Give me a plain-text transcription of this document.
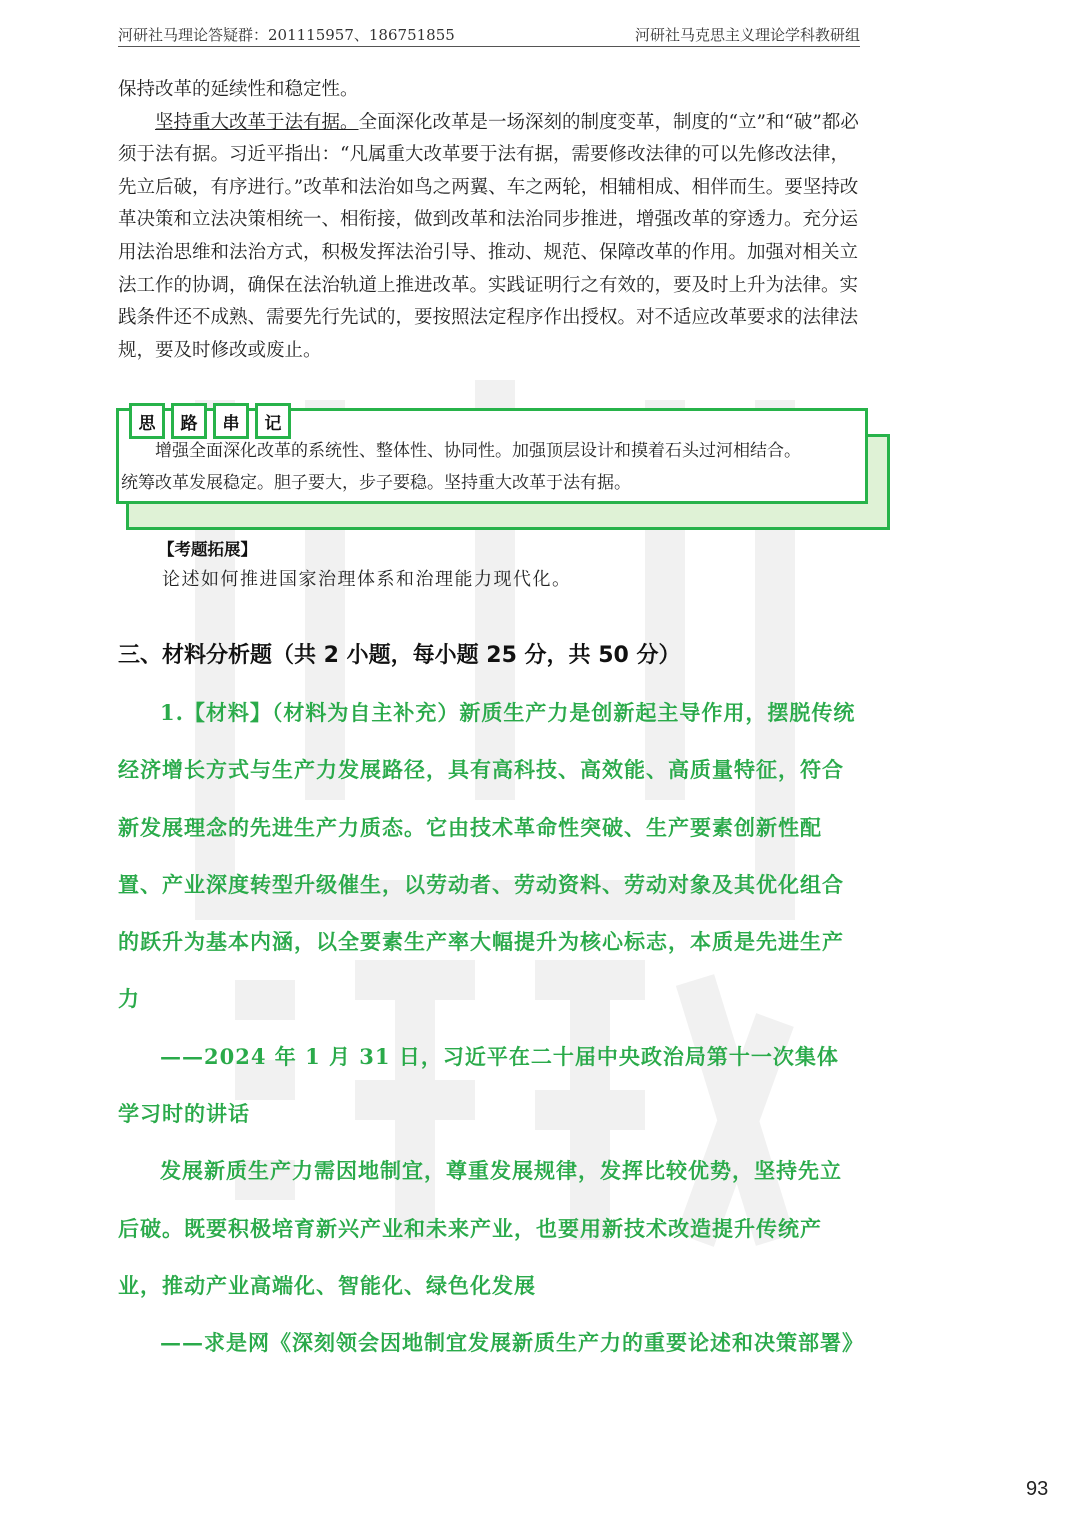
河研社马理论答疑群：201115957、186751855	河研社马克思主义理论学科教研组

保持改革的延续性和稳定性。

坚持重大改革于法有据。全面深化改革是一场深刻的制度变革，制度的“立”和“破”都必须于法有据。习近平指出：“凡属重大改革要于法有据，需要修改法律的可以先修改法律，先立后破，有序进行。”改革和法治如鸟之两翼、车之两轮，相辅相成、相伴而生。要坚持改革决策和立法决策相统一、相衔接，做到改革和法治同步推进，增强改革的穿透力。充分运用法治思维和法治方式，积极发挥法治引导、推动、规范、保障改革的作用。加强对相关立法工作的协调，确保在法治轨道上推进改革。实践证明行之有效的，要及时上升为法律。实践条件还不成熟、需要先行先试的，要按照法定程序作出授权。对不适应改革要求的法律法规，要及时修改或废止。

思	路	串	记

增强全面深化改革的系统性、整体性、协同性。加强顶层设计和摸着石头过河相结合。

统筹改革发展稳定。胆子要大，步子要稳。坚持重大改革于法有据。

【考题拓展】
论述如何推进国家治理体系和治理能力现代化。
三、材料分析题（共 2 小题，每小题 25 分，共 50 分）

1.【材料】（材料为自主补充）新质生产力是创新起主导作用，摆脱传统经济增长方式与生产力发展路径，具有高科技、高效能、高质量特征，符合新发展理念的先进生产力质态。它由技术革命性突破、生产要素创新性配置、产业深度转型升级催生，以劳动者、劳动资料、劳动对象及其优化组合的跃升为基本内涵，以全要素生产率大幅提升为核心标志，本质是先进生产力

——2024 年 1 月 31 日，习近平在二十届中央政治局第十一次集体学习时的讲话

发展新质生产力需因地制宜，尊重发展规律，发挥比较优势，坚持先立后破。既要积极培育新兴产业和未来产业，也要用新技术改造提升传统产业，推动产业高端化、智能化、绿色化发展

——求是网《深刻领会因地制宜发展新质生产力的重要论述和决策部署》

93
